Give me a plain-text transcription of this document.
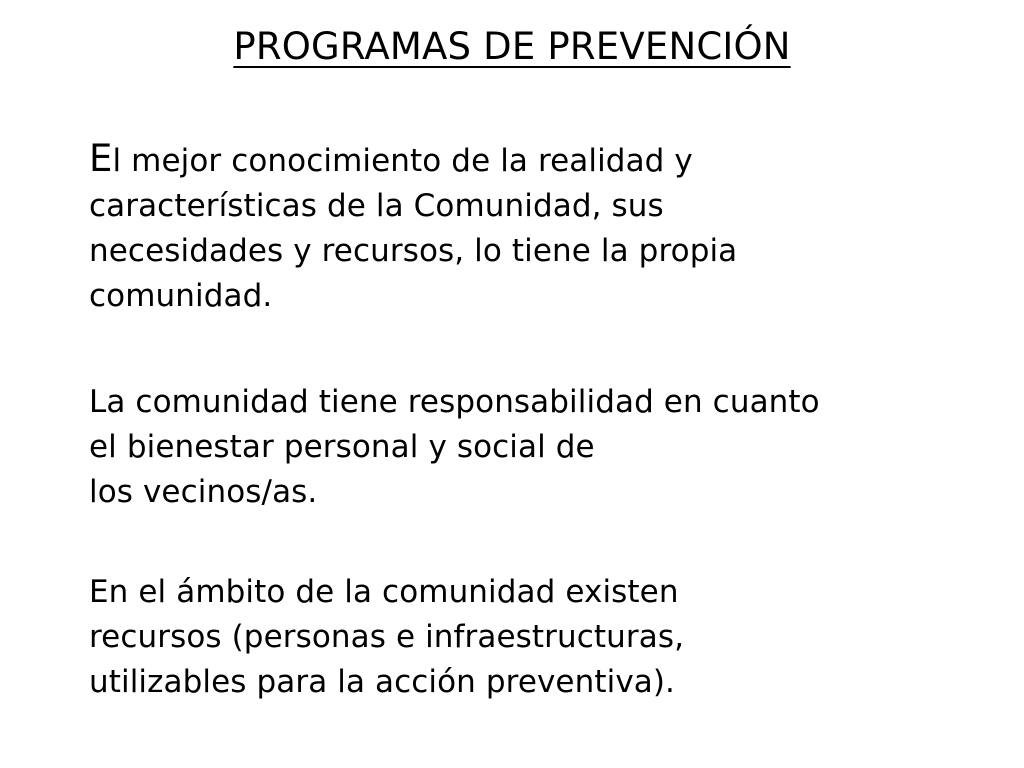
PROGRAMAS DE PREVENCIÓN

El mejor conocimiento de la realidad y
características de la Comunidad, sus
necesidades y recursos, lo tiene la propia
comunidad.

La comunidad tiene responsabilidad en cuanto
el bienestar personal y social de
los vecinos/as.

En el ámbito de la comunidad existen
recursos (personas e infraestructuras,
utilizables para la acción preventiva).
